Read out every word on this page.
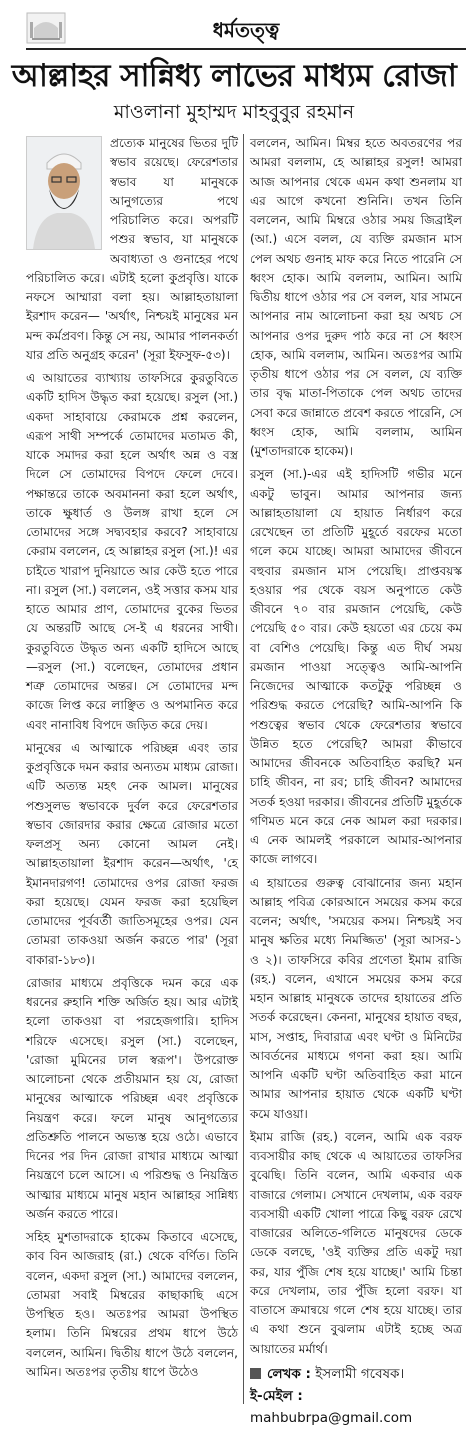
ধর্মতত্ত্ব
আল্লাহর সান্নিধ্য লাভের মাধ্যম রোজা
মাওলানা মুহাম্মদ মাহবুবুর রহমান

প্রত্যেক মানুষের ভিতর দুটি স্বভাব রয়েছে। ফেরেশতার স্বভাব যা মানুষকে আনুগত্যের পথে পরিচালিত করে। অপরটি পশুর স্বভাব, যা মানুষকে অবাধ্যতা ও গুনাহের পথে পরিচালিত করে। এটাই হলো কুপ্রবৃত্তি। যাকে নফসে আম্মারা বলা হয়। আল্লাহতায়ালা ইরশাদ করেন— 'অর্থাৎ, নিশ্চয়ই মানুষের মন মন্দ কর্মপ্রবণ। কিন্তু সে নয়, আমার পালনকর্তা যার প্রতি অনুগ্রহ করেন' (সূরা ইফসুফ-৫৩)।

এ আয়াতের ব্যাখ্যায় তাফসিরে কুরতুবিতে একটি হাদিস উদ্ধৃত করা হয়েছে। রসুল (সা.) একদা সাহাবায়ে কেরামকে প্রশ্ন করলেন, এরূপ সাথী সম্পর্কে তোমাদের মতামত কী, যাকে সমাদর করা হলে অর্থাৎ অন্ন ও বস্ত্র দিলে সে তোমাদের বিপদে ফেলে দেবে। পক্ষান্তরে তাকে অবমাননা করা হলে অর্থাৎ, তাকে ক্ষুধার্ত ও উলঙ্গ রাখা হলে সে তোমাদের সঙ্গে সদ্ব্যবহার করবে? সাহাবায়ে কেরাম বললেন, হে আল্লাহর রসুল (সা.)! এর চাইতে খারাপ দুনিয়াতে আর কেউ হতে পারে না। রসুল (সা.) বললেন, ওই সত্তার কসম যার হাতে আমার প্রাণ, তোমাদের বুকের ভিতর যে অন্তরটি আছে সে-ই এ ধরনের সাথী। কুরতুবিতে উদ্ধৃত অন্য একটি হাদিসে আছে—রসুল (সা.) বলেছেন, তোমাদের প্রধান শত্রু তোমাদের অন্তর। সে তোমাদের মন্দ কাজে লিপ্ত করে লাঞ্ছিত ও অপমানিত করে এবং নানাবিধ বিপদে জড়িত করে দেয়।

মানুষের এ আত্মাকে পরিচ্ছন্ন এবং তার কুপ্রবৃত্তিকে দমন করার অন্যতম মাধ্যম রোজা। এটি অত্যন্ত মহৎ নেক আমল। মানুষের পশুসুলভ স্বভাবকে দুর্বল করে ফেরেশতার স্বভাব জোরদার করার ক্ষেত্রে রোজার মতো ফলপ্রসূ অন্য কোনো আমল নেই। আল্লাহতায়ালা ইরশাদ করেন—অর্থাৎ, 'হে ইমানদারগণ! তোমাদের ওপর রোজা ফরজ করা হয়েছে। যেমন ফরজ করা হয়েছিল তোমাদের পূর্ববর্তী জাতিসমূহের ওপর। যেন তোমরা তাকওয়া অর্জন করতে পার' (সূরা বাকারা-১৮৩)।

রোজার মাধ্যমে প্রবৃত্তিকে দমন করে এক ধরনের রুহানি শক্তি অর্জিত হয়। আর এটাই হলো তাকওয়া বা পরহেজগারি। হাদিস শরিফে এসেছে। রসুল (সা.) বলেছেন, 'রোজা মুমিনের ঢাল স্বরূপ'। উপরোক্ত আলোচনা থেকে প্রতীয়মান হয় যে, রোজা মানুষের আত্মাকে পরিচ্ছন্ন এবং প্রবৃত্তিকে নিয়ন্ত্রণ করে। ফলে মানুষ আনুগত্যের প্রতিশ্রুতি পালনে অভ্যস্ত হয়ে ওঠে। এভাবে দিনের পর দিন রোজা রাখার মাধ্যমে আত্মা নিয়ন্ত্রণে চলে আসে। এ পরিশুদ্ধ ও নিয়ন্ত্রিত আত্মার মাধ্যমে মানুষ মহান আল্লাহর সান্নিধ্য অর্জন করতে পারে।

সহিহ মুশতাদরাকে হাকেম কিতাবে এসেছে, কাব বিন আজরাহ (রা.) থেকে বর্ণিত। তিনি বলেন, একদা রসুল (সা.) আমাদের বললেন, তোমরা সবাই মিম্বরের কাছাকাছি এসে উপস্থিত হও। অতঃপর আমরা উপস্থিত হলাম। তিনি মিম্বরের প্রথম ধাপে উঠে বললেন, আমিন। দ্বিতীয় ধাপে উঠে বললেন, আমিন। অতঃপর তৃতীয় ধাপে উঠেও

বললেন, আমিন। মিম্বর হতে অবতরণের পর আমরা বললাম, হে আল্লাহর রসুল! আমরা আজ আপনার থেকে এমন কথা শুনলাম যা এর আগে কখনো শুনিনি। তখন তিনি বললেন, আমি মিম্বরে ওঠার সময় জিব্রাইল (আ.) এসে বলল, যে ব্যক্তি রমজান মাস পেল অথচ গুনাহ মাফ করে নিতে পারেনি সে ধ্বংস হোক। আমি বললাম, আমিন। আমি দ্বিতীয় ধাপে ওঠার পর সে বলল, যার সামনে আপনার নাম আলোচনা করা হয় অথচ সে আপনার ওপর দুরুদ পাঠ করে না সে ধ্বংস হোক, আমি বললাম, আমিন। অতঃপর আমি তৃতীয় ধাপে ওঠার পর সে বলল, যে ব্যক্তি তার বৃদ্ধ মাতা-পিতাকে পেল অথচ তাদের সেবা করে জান্নাতে প্রবেশ করতে পারেনি, সে ধ্বংস হোক, আমি বললাম, আমিন (মুশতাদরাকে হাকেম)।

রসুল (সা.)-এর এই হাদিসটি গভীর মনে একটু ভাবুন। আমার আপনার জন্য আল্লাহতায়ালা যে হায়াত নির্ধারণ করে রেখেছেন তা প্রতিটি মুহূর্তে বরফের মতো গলে কমে যাচ্ছে। আমরা আমাদের জীবনে বহুবার রমজান মাস পেয়েছি। প্রাপ্তবয়স্ক হওয়ার পর থেকে বয়স অনুপাতে কেউ জীবনে ৭০ বার রমজান পেয়েছি, কেউ পেয়েছি ৫০ বার। কেউ হয়তো এর চেয়ে কম বা বেশিও পেয়েছি। কিন্তু এত দীর্ঘ সময় রমজান পাওয়া সত্ত্বেও আমি-আপনি নিজেদের আত্মাকে কতটুকু পরিচ্ছন্ন ও পরিশুদ্ধ করতে পেরেছি? আমি-আপনি কি পশুত্বের স্বভাব থেকে ফেরেশতার স্বভাবে উন্নিত হতে পেরেছি? আমরা কীভাবে আমাদের জীবনকে অতিবাহিত করছি? মন চাহি জীবন, না রব; চাহি জীবন? আমাদের সতর্ক হওয়া দরকার। জীবনের প্রতিটি মুহূর্তকে গণিমত মনে করে নেক আমল করা দরকার। এ নেক আমলই পরকালে আমার-আপনার কাজে লাগবে।

এ হায়াতের গুরুত্ব বোঝানোর জন্য মহান আল্লাহ পবিত্র কোরআনে সময়ের কসম করে বলেন; অর্থাৎ, 'সময়ের কসম। নিশ্চয়ই সব মানুষ ক্ষতির মধ্যে নিমজ্জিত' (সূরা আসর-১ ও ২)। তাফসিরে কবির প্রণেতা ইমাম রাজি (রহ.) বলেন, এখানে সময়ের কসম করে মহান আল্লাহ মানুষকে তাদের হায়াতের প্রতি সতর্ক করেছেন। কেননা, মানুষের হায়াত বছর, মাস, সপ্তাহ, দিবারাত্র এবং ঘণ্টা ও মিনিটের আবর্তনের মাধ্যমে গণনা করা হয়। আমি আপনি একটি ঘণ্টা অতিবাহিত করা মানে আমার আপনার হায়াত থেকে একটি ঘণ্টা কমে যাওয়া।

ইমাম রাজি (রহ.) বলেন, আমি এক বরফ ব্যবসায়ীর কাছ থেকে এ আয়াতের তাফসির বুঝেছি। তিনি বলেন, আমি একবার এক বাজারে গেলাম। সেখানে দেখলাম, এক বরফ ব্যবসায়ী একটি খোলা পাত্রে কিছু বরফ রেখে বাজারের অলিতে-গলিতে মানুষদের ডেকে ডেকে বলছে, 'ওই ব্যক্তির প্রতি একটু দয়া কর, যার পুঁজি শেষ হয়ে যাচ্ছে।' আমি চিন্তা করে দেখলাম, তার পুঁজি হলো বরফ। যা বাতাসে ক্রমান্বয়ে গলে শেষ হয়ে যাচ্ছে। তার এ কথা শুনে বুঝলাম এটাই হচ্ছে অত্র আয়াতের মর্মার্থ।

লেখক : ইসলামী গবেষক।
ই-মেইল : mahbubrpa@gmail.com
